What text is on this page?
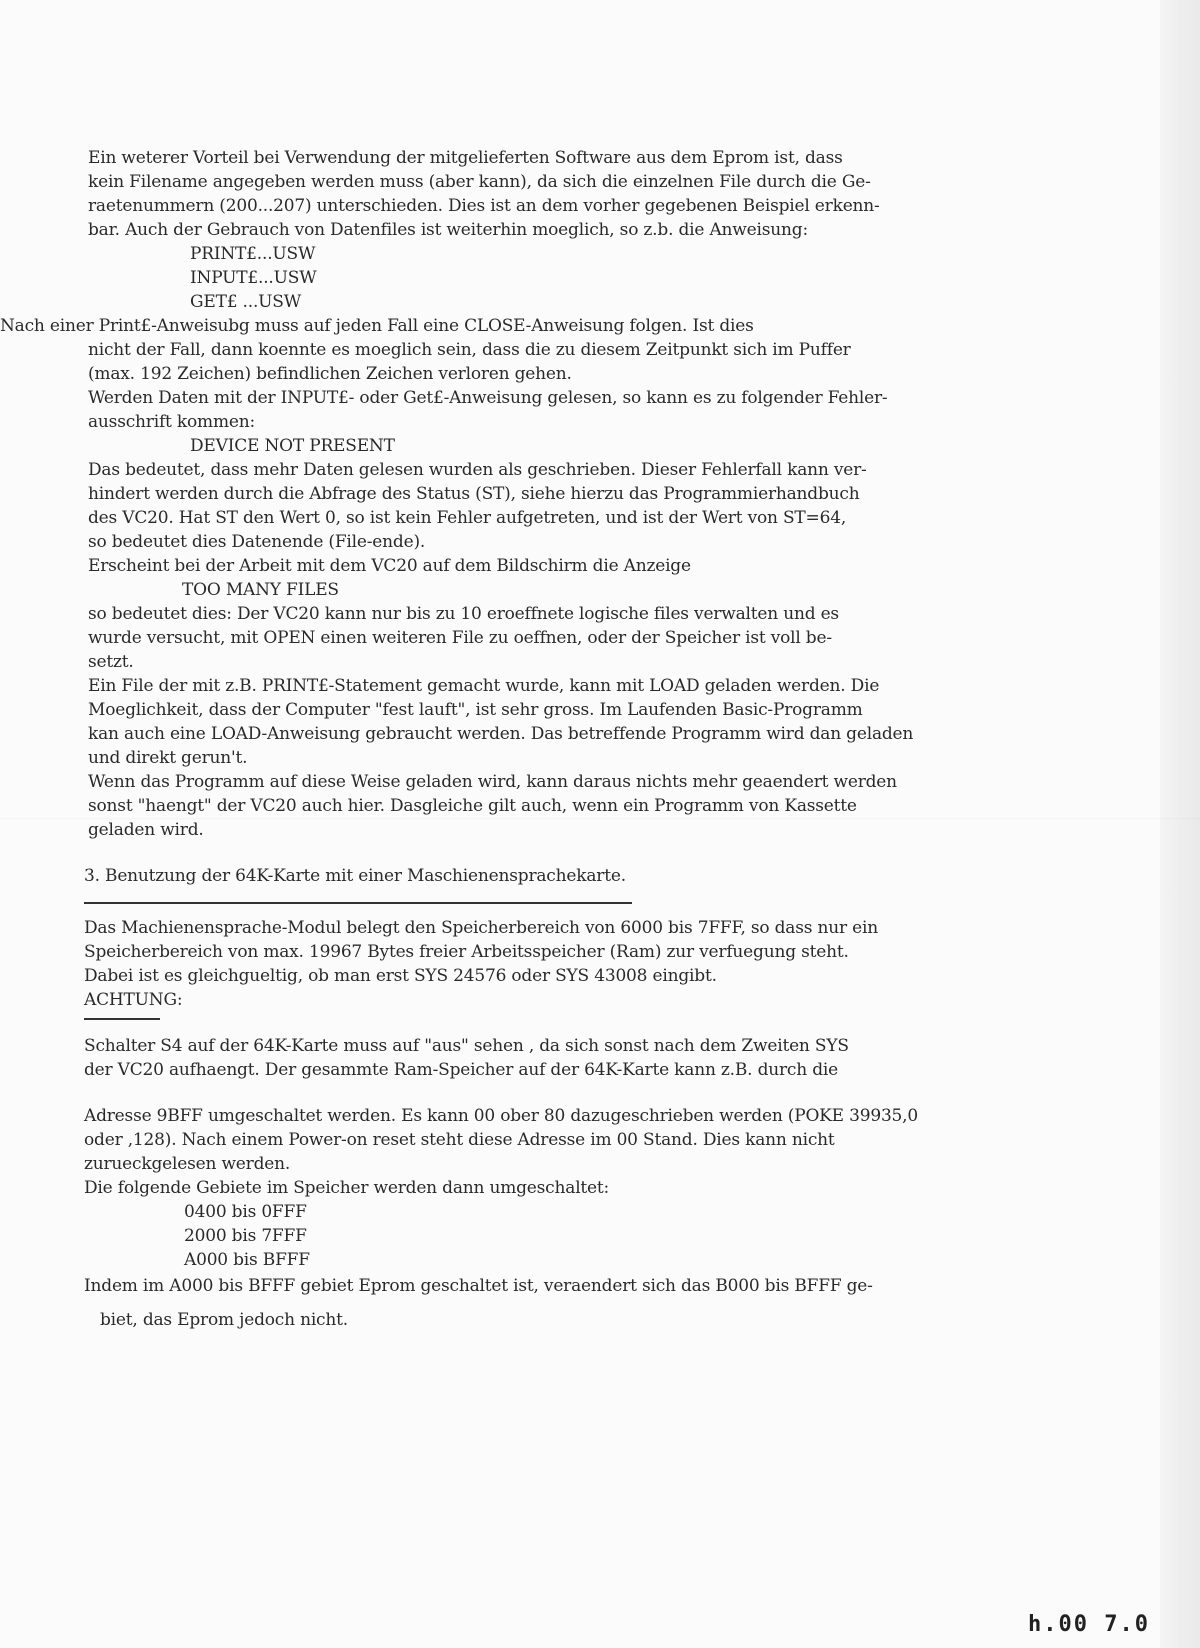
Ein weterer Vorteil bei Verwendung der mitgelieferten Software aus dem Eprom ist, dass

kein Filename angegeben werden muss (aber kann), da sich die einzelnen File durch die Ge-

raetenummern (200...207) unterschieden. Dies ist an dem vorher gegebenen Beispiel erkenn-

bar. Auch der Gebrauch von Datenfiles ist weiterhin moeglich, so z.b. die Anweisung:

PRINT£...USW

INPUT£...USW

GET£ ...USW

Nach einer Print£-Anweisubg muss auf jeden Fall eine CLOSE-Anweisung folgen. Ist dies

nicht der Fall, dann koennte es moeglich sein, dass die zu diesem Zeitpunkt sich im Puffer

(max. 192 Zeichen) befindlichen Zeichen verloren gehen.

Werden Daten mit der INPUT£- oder Get£-Anweisung gelesen, so kann es zu folgender Fehler-

ausschrift kommen:

DEVICE NOT PRESENT

Das bedeutet, dass mehr Daten gelesen wurden als geschrieben. Dieser Fehlerfall kann ver-

hindert werden durch die Abfrage des Status (ST), siehe hierzu das Programmierhandbuch

des VC20. Hat ST den Wert 0, so ist kein Fehler aufgetreten, und ist der Wert von ST=64,

so bedeutet dies Datenende (File-ende).

Erscheint bei der Arbeit mit dem VC20 auf dem Bildschirm die Anzeige

TOO MANY FILES

so bedeutet dies: Der VC20 kann nur bis zu 10 eroeffnete logische files verwalten und es

wurde versucht, mit OPEN einen weiteren File zu oeffnen, oder der Speicher ist voll be-

setzt.

Ein File der mit z.B. PRINT£-Statement gemacht wurde, kann mit LOAD geladen werden. Die

Moeglichkeit, dass der Computer "fest lauft", ist sehr gross. Im Laufenden Basic-Programm

kan auch eine LOAD-Anweisung gebraucht werden. Das betreffende Programm wird dan geladen

und direkt gerun't.

Wenn das Programm auf diese Weise geladen wird, kann daraus nichts mehr geaendert werden

sonst "haengt" der VC20 auch hier. Dasgleiche gilt auch, wenn ein Programm von Kassette

geladen wird.

3. Benutzung der 64K-Karte mit einer Maschienensprachekarte.

Das Machienensprache-Modul belegt den Speicherbereich von 6000 bis 7FFF, so dass nur ein

Speicherbereich von max. 19967 Bytes freier Arbeitsspeicher (Ram) zur verfuegung steht.

Dabei ist es gleichgueltig, ob man erst SYS 24576 oder SYS 43008 eingibt.

ACHTUNG:

Schalter S4 auf der 64K-Karte muss auf "aus" sehen , da sich sonst nach dem Zweiten SYS

der VC20 aufhaengt. Der gesammte Ram-Speicher auf der 64K-Karte kann z.B. durch die

Adresse 9BFF umgeschaltet werden. Es kann 00 ober 80 dazugeschrieben werden (POKE 39935,0

oder ,128). Nach einem Power-on reset steht diese Adresse im 00 Stand. Dies kann nicht

zurueckgelesen werden.

Die folgende Gebiete im Speicher werden dann umgeschaltet:

0400 bis 0FFF

2000 bis 7FFF

A000 bis BFFF

Indem im A000 bis BFFF gebiet Eprom geschaltet ist, veraendert sich das B000 bis BFFF ge-

biet, das Eprom jedoch nicht.

h.00 7.0
